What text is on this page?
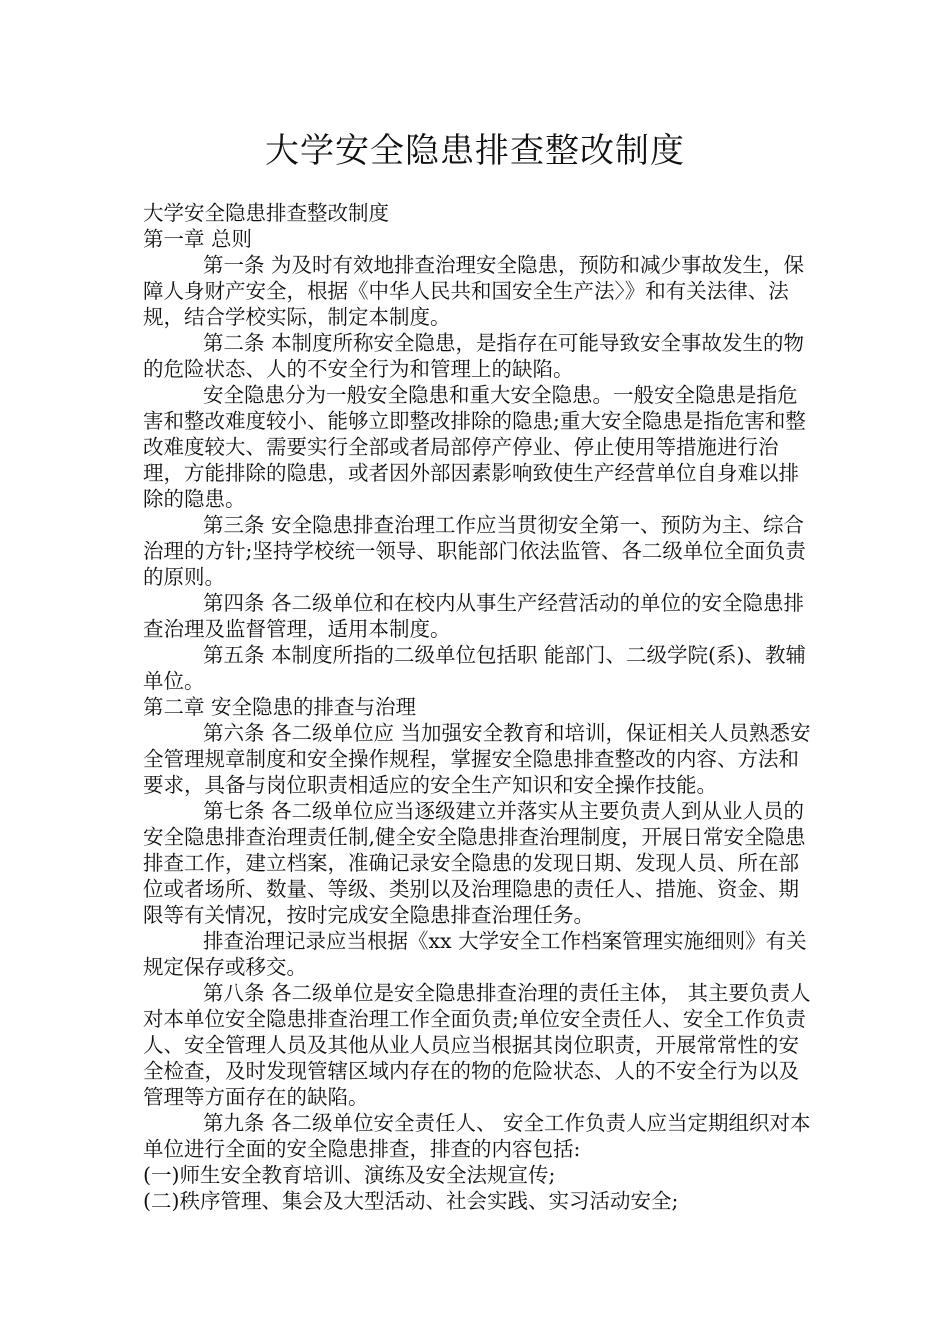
大学安全隐患排查整改制度

大学安全隐患排查整改制度

第一章 总则

第一条 为及时有效地排查治理安全隐患，预防和减少事故发生，保障人身财产安全，根据《中华人民共和国安全生产法〉》和有关法律、法规，结合学校实际，制定本制度。

第二条 本制度所称安全隐患，是指存在可能导致安全事故发生的物的危险状态、人的不安全行为和管理上的缺陷。

安全隐患分为一般安全隐患和重大安全隐患。一般安全隐患是指危害和整改难度较小、能够立即整改排除的隐患;重大安全隐患是指危害和整改难度较大、需要实行全部或者局部停产停业、停止使用等措施进行治理，方能排除的隐患，或者因外部因素影响致使生产经营单位自身难以排除的隐患。

第三条 安全隐患排查治理工作应当贯彻安全第一、预防为主、综合治理的方针;坚持学校统一领导、职能部门依法监管、各二级单位全面负责的原则。

第四条 各二级单位和在校内从事生产经营活动的单位的安全隐患排查治理及监督管理，适用本制度。

第五条 本制度所指的二级单位包括职 能部门、二级学院(系)、教辅单位。

第二章 安全隐患的排查与治理

第六条 各二级单位应 当加强安全教育和培训，保证相关人员熟悉安全管理规章制度和安全操作规程，掌握安全隐患排查整改的内容、方法和要求，具备与岗位职责相适应的安全生产知识和安全操作技能。

第七条 各二级单位应当逐级建立并落实从主要负责人到从业人员的安全隐患排查治理责任制,健全安全隐患排查治理制度，开展日常安全隐患排查工作，建立档案，准确记录安全隐患的发现日期、发现人员、所在部位或者场所、数量、等级、类别以及治理隐患的责任人、措施、资金、期限等有关情况，按时完成安全隐患排查治理任务。

排查治理记录应当根据《xx 大学安全工作档案管理实施细则》有关规定保存或移交。

第八条 各二级单位是安全隐患排查治理的责任主体， 其主要负责人对本单位安全隐患排查治理工作全面负责;单位安全责任人、安全工作负责人、安全管理人员及其他从业人员应当根据其岗位职责，开展常常性的安全检查，及时发现管辖区域内存在的物的危险状态、人的不安全行为以及管理等方面存在的缺陷。

第九条 各二级单位安全责任人、 安全工作负责人应当定期组织对本单位进行全面的安全隐患排查，排查的内容包括:

(一)师生安全教育培训、演练及安全法规宣传;

(二)秩序管理、集会及大型活动、社会实践、实习活动安全;
